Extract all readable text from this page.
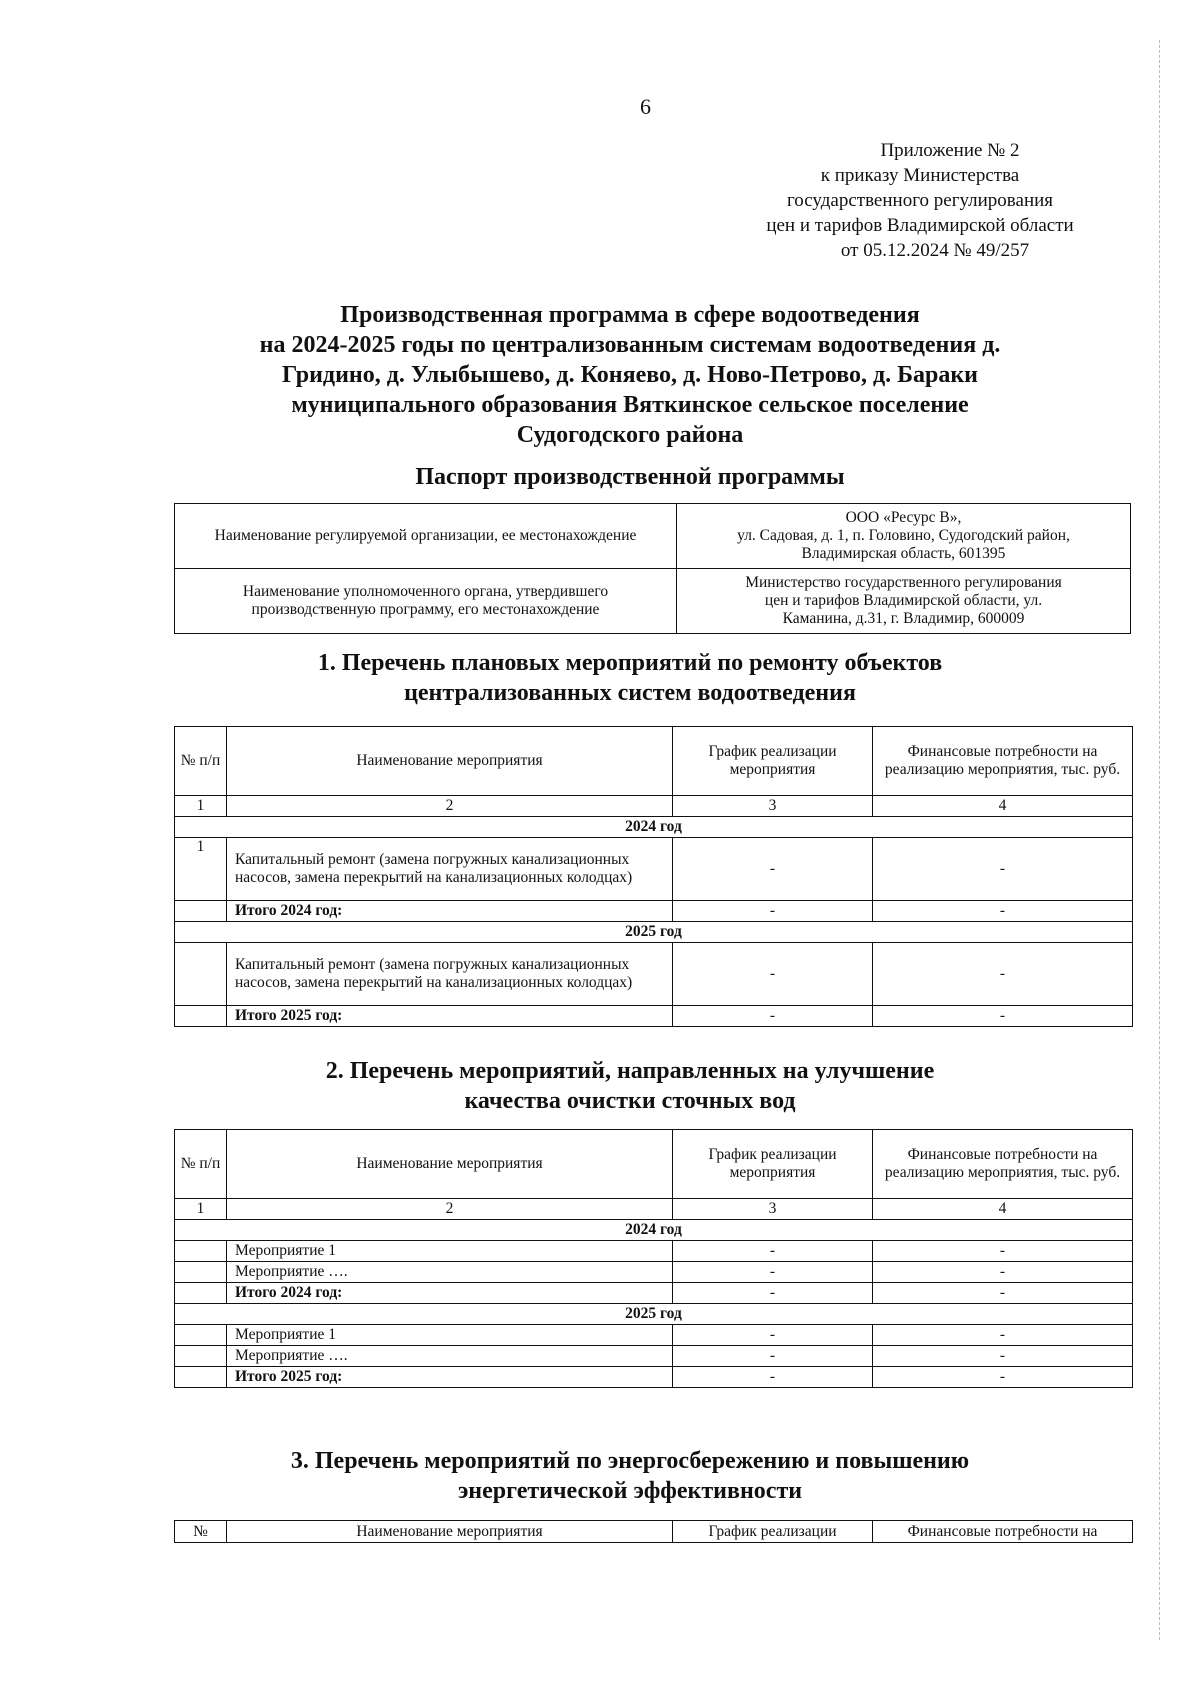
6
Приложение № 2
к приказу Министерства
государственного регулирования
цен и тарифов Владимирской области
от 05.12.2024 № 49/257
Производственная программа в сфере водоотведения
на 2024-2025 годы по централизованным системам водоотведения д.
Гридино, д. Улыбышево, д. Коняево, д. Ново-Петрово, д. Бараки
муниципального образования Вяткинское сельское поселение
Судогодского района
Паспорт производственной программы
Наименование регулируемой организации, ее местонахождение	ООО «Ресурс В»,
ул. Садовая, д. 1, п. Головино, Судогодский район,
Владимирская область, 601395

Наименование уполномоченного органа, утвердившего производственную программу, его местонахождение	Министерство государственного регулирования
цен и тарифов Владимирской области, ул.
Каманина, д.31, г. Владимир, 600009
1. Перечень плановых мероприятий по ремонту объектов
централизованных систем водоотведения
№ п/п	Наименование мероприятия	График реализации мероприятия	Финансовые потребности на реализацию мероприятия, тыс. руб.
1	2	3	4
2024 год			
1	Капитальный ремонт (замена погружных канализационных насосов, замена перекрытий на канализационных колодцах)	-	-
	Итого 2024 год:	-	-
2025 год			
	Капитальный ремонт (замена погружных канализационных насосов, замена перекрытий на канализационных колодцах)	-	-
	Итого 2025 год:	-	-
2. Перечень мероприятий, направленных на улучшение
качества очистки сточных вод
№ п/п	Наименование мероприятия	График реализации мероприятия	Финансовые потребности на реализацию мероприятия, тыс. руб.
1	2	3	4
2024 год			
	Мероприятие 1	-	-
	Мероприятие ….	-	-
	Итого 2024 год:	-	-
2025 год			
	Мероприятие 1	-	-
	Мероприятие ….	-	-
	Итого 2025 год:	-	-
3. Перечень мероприятий по энергосбережению и повышению
энергетической эффективности
№	Наименование мероприятия	График реализации	Финансовые потребности на
